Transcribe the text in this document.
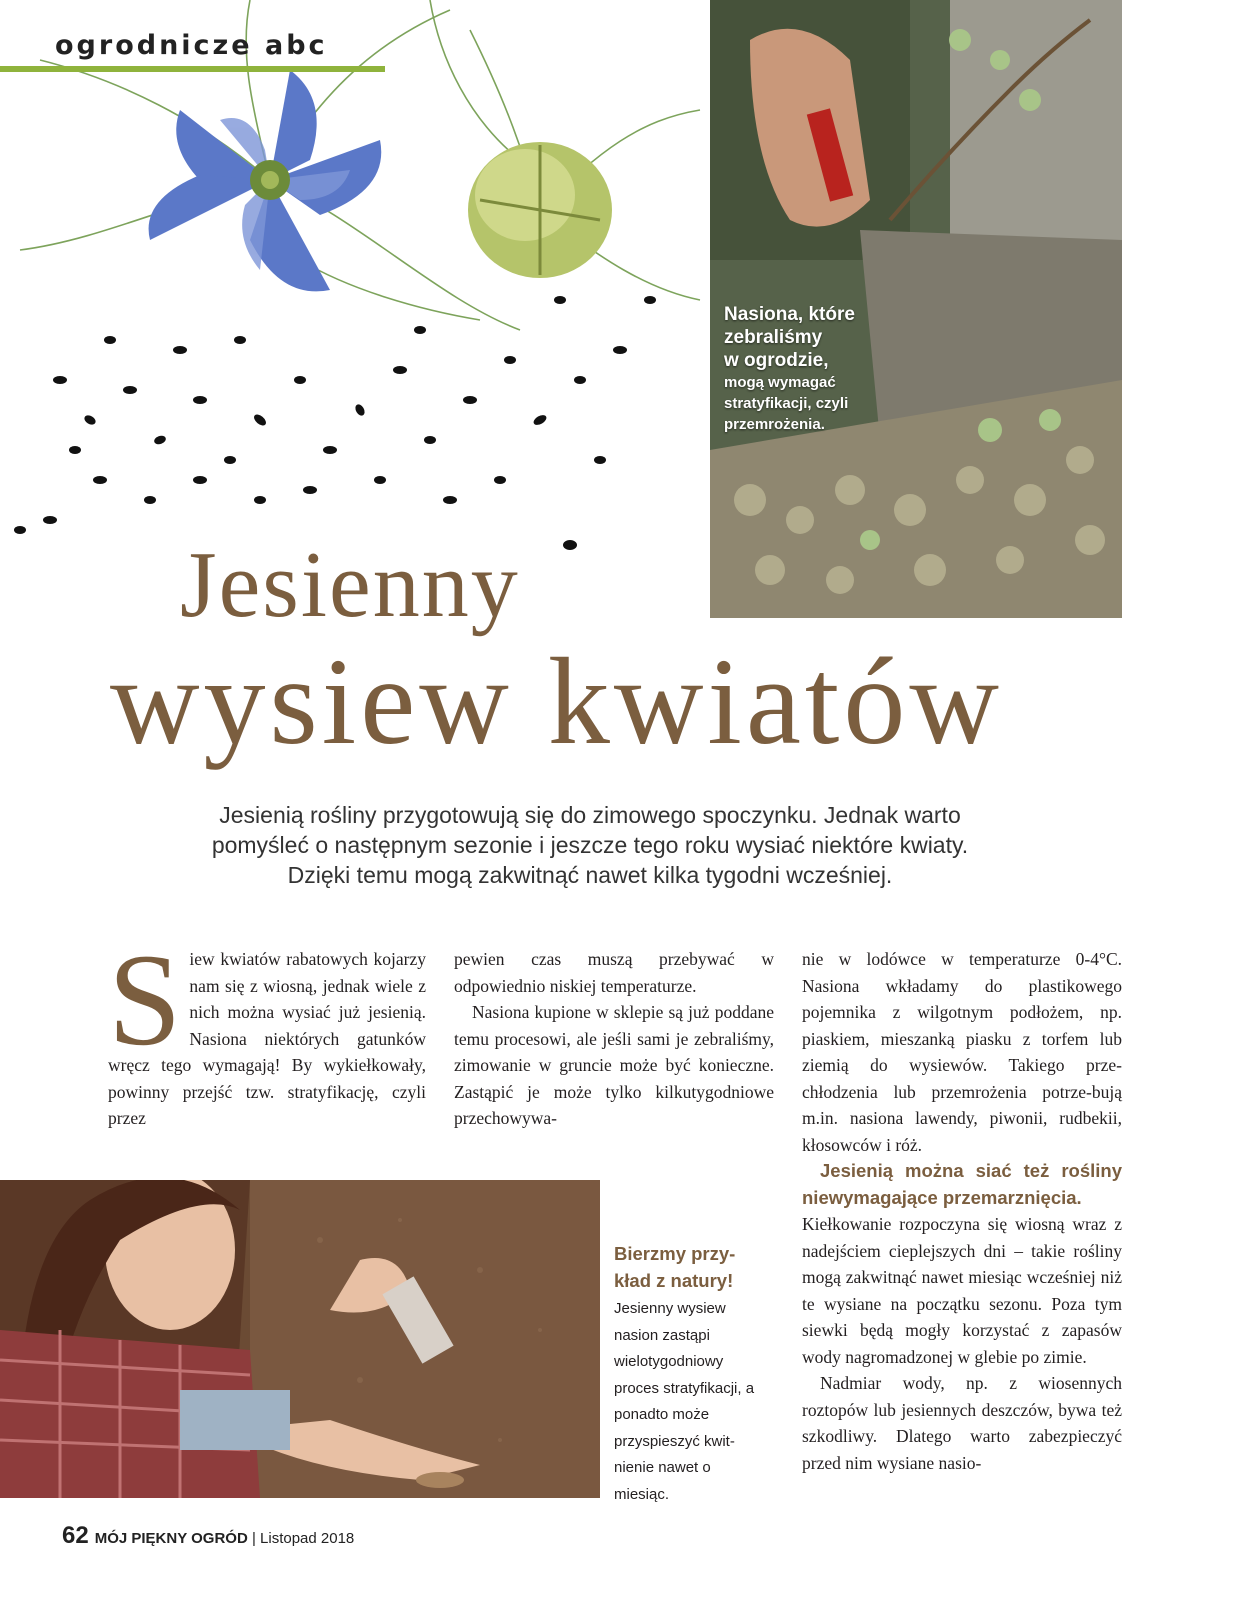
ogrodnicze abc
Nasiona, które
zebraliśmy
w ogrodzie,
mogą wymagać
stratyfikacji, czyli
przemrożenia.
Jesienny
wysiew kwiatów
Jesienią rośliny przygotowują się do zimowego spoczynku. Jednak warto
pomyśleć o następnym sezonie i jeszcze tego roku wysiać niektóre kwiaty.
Dzięki temu mogą zakwitnąć nawet kilka tygodni wcześniej.
S iew kwiatów rabatowych kojarzy nam się z wiosną, jednak wiele z nich można wysiać już jesienią. Nasiona niektórych gatunków wręcz tego wymagają! By wykiełkowały, powinny przejść tzw. stratyfikację, czyli przez

pewien czas muszą przebywać w odpowiednio niskiej temperaturze.

Nasiona kupione w sklepie są już poddane temu procesowi, ale jeśli sami je zebraliśmy, zimowanie w gruncie może być konieczne. Zastąpić je może tylko kilkutygodniowe przechowywa-

nie w lodówce w temperaturze 0-4°C. Nasiona wkładamy do plastikowego pojemnika z wilgotnym podłożem, np. piaskiem, mieszanką piasku z torfem lub ziemią do wysiewów. Takiego prze-chłodzenia lub przemrożenia potrze-bują m.in. nasiona lawendy, piwonii, rudbekii, kłosowców i róż.

Jesienią można siać też rośliny niewymagające przemarznięcia.

Kiełkowanie rozpoczyna się wiosną wraz z nadejściem cieplejszych dni – takie rośliny mogą zakwitnąć nawet miesiąc wcześniej niż te wysiane na początku sezonu. Poza tym siewki będą mogły korzystać z zapasów wody nagromadzonej w glebie po zimie.

Nadmiar wody, np. z wiosennych roztopów lub jesiennych deszczów, bywa też szkodliwy. Dlatego warto zabezpieczyć przed nim wysiane nasio-

Bierzmy przy-kład z natury!
Jesienny wysiew nasion zastąpi wielotygodniowy proces stratyfikacji, a ponadto może przyspieszyć kwit-nienie nawet o miesiąc.
62 MÓJ PIĘKNY OGRÓD | Listopad 2018
